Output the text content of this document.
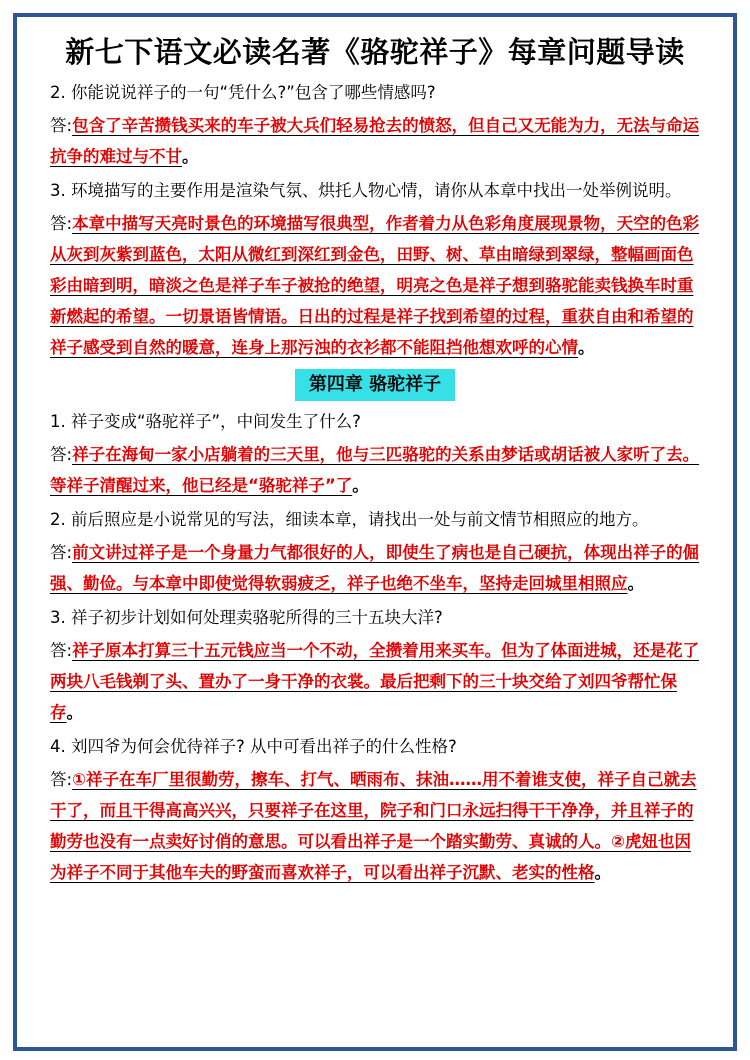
新七下语文必读名著《骆驼祥子》每章问题导读
2. 你能说说祥子的一句“凭什么?”包含了哪些情感吗?
答:包含了辛苦攒钱买来的车子被大兵们轻易抢去的愤怒，但自己又无能为力，无法与命运抗争的难过与不甘。
3. 环境描写的主要作用是渲染气氛、烘托人物心情，请你从本章中找出一处举例说明。
答:本章中描写天亮时景色的环境描写很典型，作者着力从色彩角度展现景物，天空的色彩从灰到灰紫到蓝色，太阳从微红到深红到金色，田野、树、草由暗绿到翠绿，整幅画面色彩由暗到明，暗淡之色是祥子车子被抢的绝望，明亮之色是祥子想到骆驼能卖钱换车时重新燃起的希望。一切景语皆情语。日出的过程是祥子找到希望的过程，重获自由和希望的祥子感受到自然的暖意，连身上那污浊的衣衫都不能阻挡他想欢呼的心情。
第四章 骆驼祥子
1. 祥子变成“骆驼祥子”，中间发生了什么?
答:祥子在海甸一家小店躺着的三天里，他与三匹骆驼的关系由梦话或胡话被人家听了去。等祥子清醒过来，他已经是“骆驼祥子”了。
2. 前后照应是小说常见的写法，细读本章，请找出一处与前文情节相照应的地方。
答:前文讲过祥子是一个身量力气都很好的人，即使生了病也是自己硬抗，体现出祥子的倔强、勤俭。与本章中即使觉得软弱疲乏，祥子也绝不坐车，坚持走回城里相照应。
3. 祥子初步计划如何处理卖骆驼所得的三十五块大洋?
答:祥子原本打算三十五元钱应当一个不动，全攒着用来买车。但为了体面进城，还是花了两块八毛钱剃了头、置办了一身干净的衣裳。最后把剩下的三十块交给了刘四爷帮忙保存。
4. 刘四爷为何会优待祥子? 从中可看出祥子的什么性格?
答:①祥子在车厂里很勤劳，擦车、打气、晒雨布、抹油……用不着谁支使，祥子自己就去干了，而且干得高高兴兴，只要祥子在这里，院子和门口永远扫得干干净净，并且祥子的勤劳也没有一点卖好讨俏的意思。可以看出祥子是一个踏实勤劳、真诚的人。②虎妞也因为祥子不同于其他车夫的野蛮而喜欢祥子，可以看出祥子沉默、老实的性格。
